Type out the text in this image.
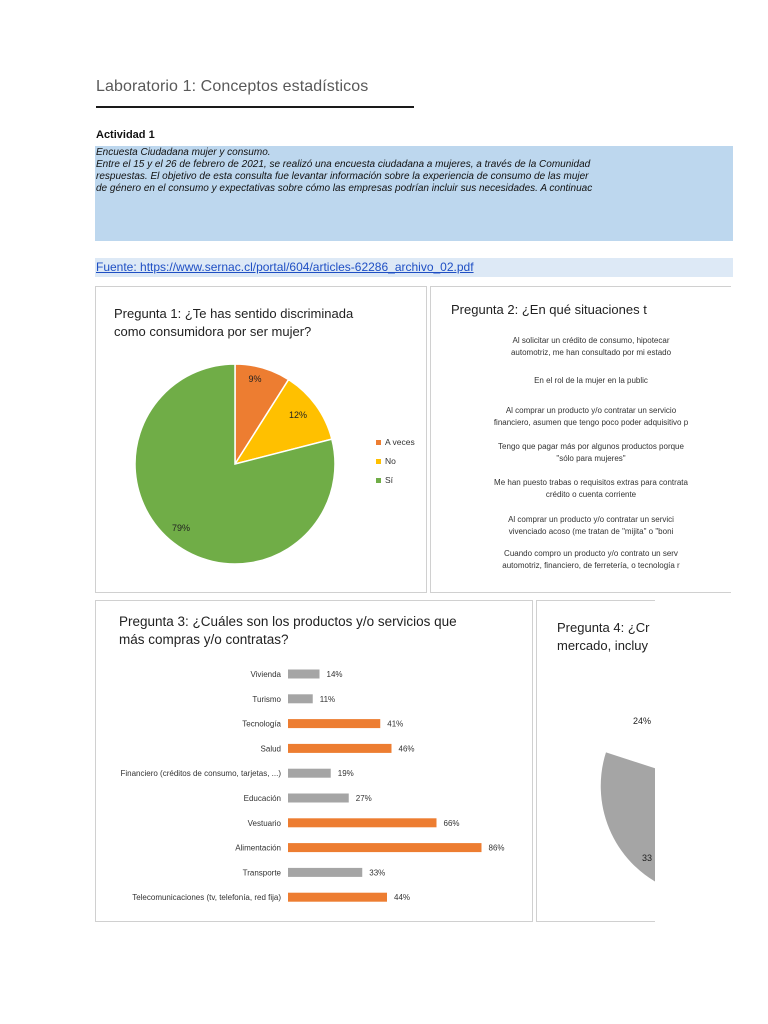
Laboratorio 1: Conceptos estadísticos
Actividad 1
Encuesta Ciudadana mujer y consumo.
Entre el 15 y el 26 de febrero de 2021, se realizó una encuesta ciudadana a mujeres, a través de la Comunidad
respuestas. El objetivo de esta consulta fue levantar información sobre la experiencia de consumo de las mujer
de género en el consumo y expectativas sobre cómo las empresas podrían incluir sus necesidades. A continuac
Fuente: https://www.sernac.cl/portal/604/articles-62286_archivo_02.pdf
Pregunta 1: ¿Te has sentido discriminada
como consumidora por ser mujer?
9%
12%
79%
A veces
No
Sí
Pregunta 2: ¿En qué situaciones t
Al solicitar un crédito de consumo, hipotecar
automotriz, me han consultado por mi estado
En el rol de la mujer en la public
Al comprar un producto y/o contratar un servicio
financiero, asumen que tengo poco poder adquisitivo p
Tengo que pagar más por algunos productos porque
"sólo para mujeres"
Me han puesto trabas o requisitos extras para contrata
crédito o cuenta corriente
Al comprar un producto y/o contratar un servici
vivenciado acoso (me tratan de "mijita" o "boni
Cuando compro un producto y/o contrato un serv
automotriz, financiero, de ferretería, o tecnología r
Pregunta 3: ¿Cuáles son los productos y/o servicios que
más compras y/o contratas?
Vivienda	14%
Turismo	11%
Tecnología	41%
Salud	46%
Financiero (créditos de consumo, tarjetas, ...)	19%
Educación	27%
Vestuario	66%
Alimentación	86%
Transporte	33%
Telecomunicaciones (tv, telefonía, red fija)	44%
Pregunta 4: ¿Cr
mercado, incluy
24%
33
